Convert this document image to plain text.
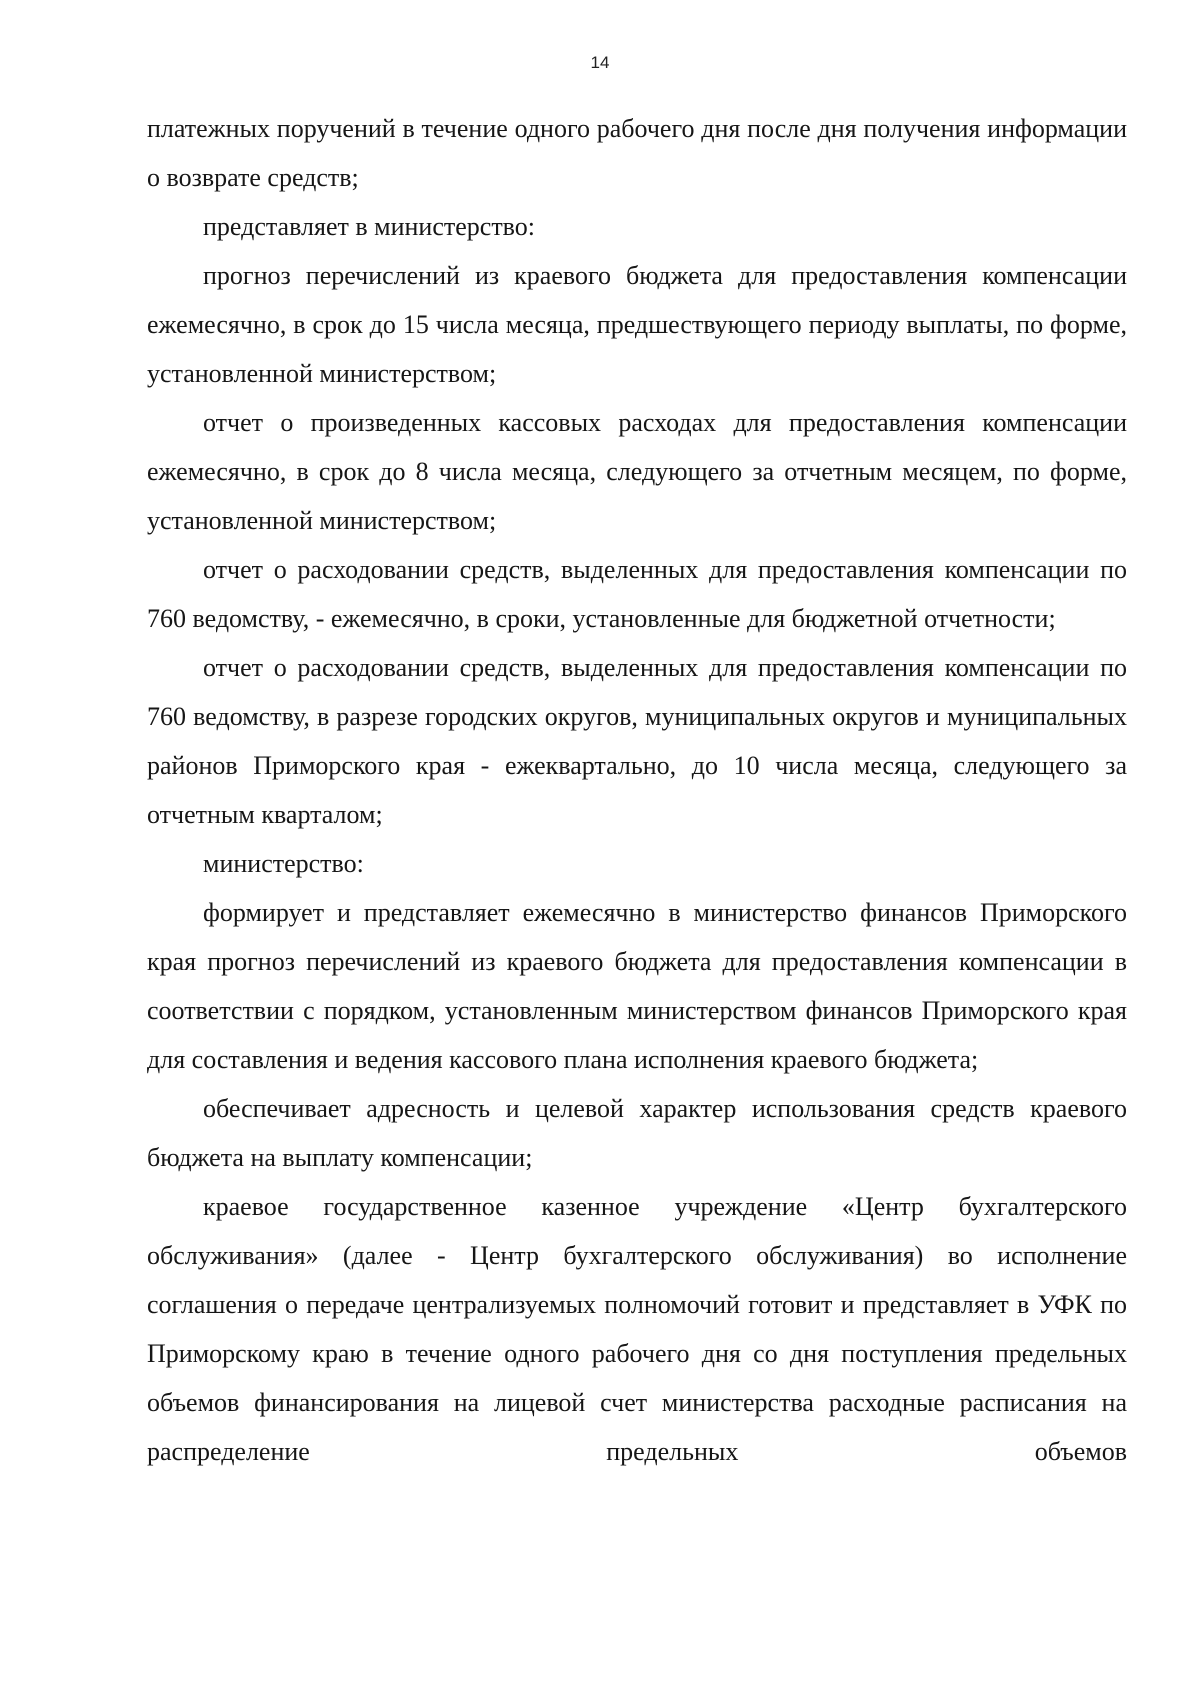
14

платежных поручений в течение одного рабочего дня после дня получения информации о возврате средств;

представляет в министерство:

прогноз перечислений из краевого бюджета для предоставления компенсации ежемесячно, в срок до 15 числа месяца, предшествующего периоду выплаты, по форме, установленной министерством;

отчет о произведенных кассовых расходах для предоставления компенсации ежемесячно, в срок до 8 числа месяца, следующего за отчетным месяцем, по форме, установленной министерством;

отчет о расходовании средств, выделенных для предоставления компенсации по 760 ведомству, - ежемесячно, в сроки, установленные для бюджетной отчетности;

отчет о расходовании средств, выделенных для предоставления компенсации по 760 ведомству, в разрезе городских округов, муниципальных округов и муниципальных районов Приморского края - ежеквартально, до 10 числа месяца, следующего за отчетным кварталом;

министерство:

формирует и представляет ежемесячно в министерство финансов Приморского края прогноз перечислений из краевого бюджета для предоставления компенсации в соответствии с порядком, установленным министерством финансов Приморского края для составления и ведения кассового плана исполнения краевого бюджета;

обеспечивает адресность и целевой характер использования средств краевого бюджета на выплату компенсации;

краевое государственное казенное учреждение «Центр бухгалтерского обслуживания» (далее - Центр бухгалтерского обслуживания) во исполнение соглашения о передаче централизуемых полномочий готовит и представляет в УФК по Приморскому краю в течение одного рабочего дня со дня поступления предельных объемов финансирования на лицевой счет министерства расходные расписания на распределение предельных объемов
